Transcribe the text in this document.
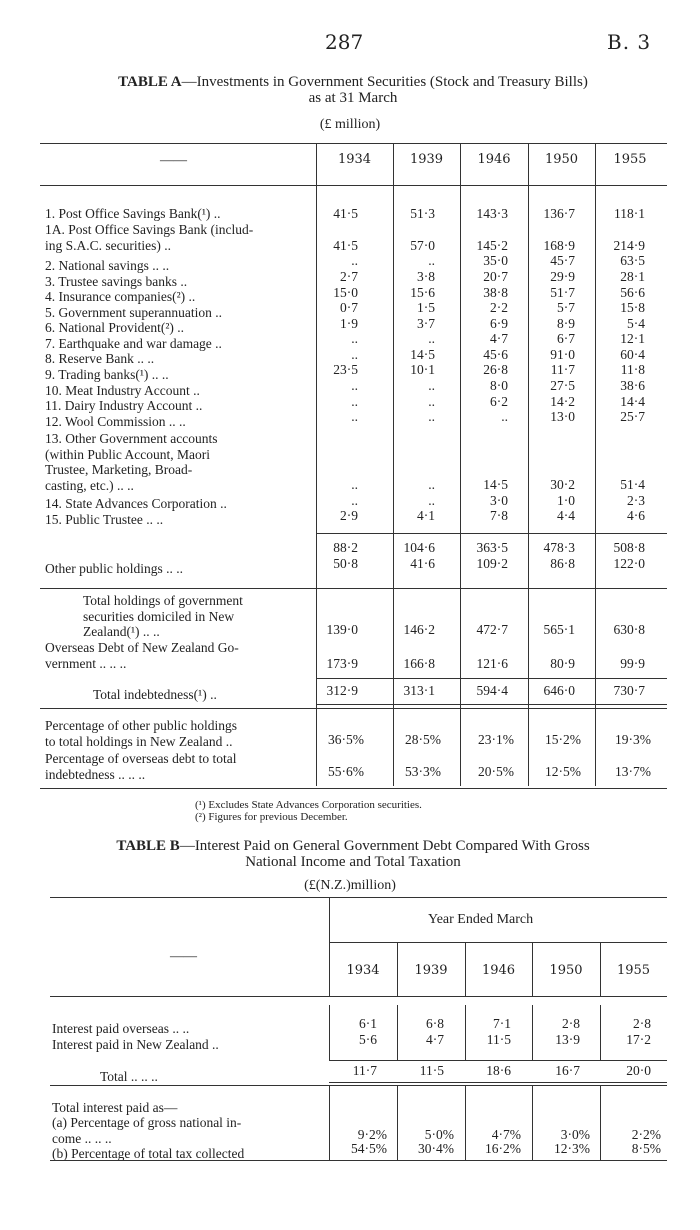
287	B. 3
TABLE A—Investments in Government Securities (Stock and Treasury Bills)
as at 31 March
(£ million)
——	1934	1939	1946	1950	1955
1. Post Office Savings Bank(¹) ..	41·5	51·3	143·3	136·7	118·1
1A. Post Office Savings Bank (includ-
ing S.A.C. securities) ..	41·5	57·0	145·2	168·9	214·9
2. National savings .. ..	..	..	35·0	45·7	63·5
3. Trustee savings banks ..	2·7	3·8	20·7	29·9	28·1
4. Insurance companies(²) ..	15·0	15·6	38·8	51·7	56·6
5. Government superannuation ..	0·7	1·5	2·2	5·7	15·8
6. National Provident(²) ..	1·9	3·7	6·9	8·9	5·4
7. Earthquake and war damage ..	..	..	4·7	6·7	12·1
8. Reserve Bank .. ..	..	14·5	45·6	91·0	60·4
9. Trading banks(¹) .. ..	23·5	10·1	26·8	11·7	11·8
10. Meat Industry Account ..	..	..	8·0	27·5	38·6
11. Dairy Industry Account ..	..	..	6·2	14·2	14·4
12. Wool Commission .. ..	..	..	..	13·0	25·7
13. Other Government accounts
(within Public Account, Maori
Trustee, Marketing, Broad-
casting, etc.) .. ..	..	..	14·5	30·2	51·4
14. State Advances Corporation ..	..	..	3·0	1·0	2·3
15. Public Trustee .. ..	2·9	4·1	7·8	4·4	4·6
88·2	104·6	363·5	478·3	508·8
Other public holdings .. ..	50·8	41·6	109·2	86·8	122·0
Total holdings of government
securities domiciled in New
Zealand(¹) .. ..	139·0	146·2	472·7	565·1	630·8
Overseas Debt of New Zealand Go-
vernment .. .. ..	173·9	166·8	121·6	80·9	99·9
Total indebtedness(¹) ..	312·9	313·1	594·4	646·0	730·7
Percentage of other public holdings
to total holdings in New Zealand ..	36·5%	28·5%	23·1%	15·2%	19·3%
Percentage of overseas debt to total
indebtedness .. .. ..	55·6%	53·3%	20·5%	12·5%	13·7%
(¹) Excludes State Advances Corporation securities.
(²) Figures for previous December.
TABLE B—Interest Paid on General Government Debt Compared With Gross
National Income and Total Taxation
(£(N.Z.)million)
Year Ended March
——
1934	1939	1946	1950	1955
Interest paid overseas .. ..	6·1	6·8	7·1	2·8	2·8
Interest paid in New Zealand ..	5·6	4·7	11·5	13·9	17·2
Total .. .. ..	11·7	11·5	18·6	16·7	20·0
Total interest paid as—
(a) Percentage of gross national in-
come .. .. ..	9·2%	5·0%	4·7%	3·0%	2·2%
(b) Percentage of total tax collected	54·5%	30·4%	16·2%	12·3%	8·5%
